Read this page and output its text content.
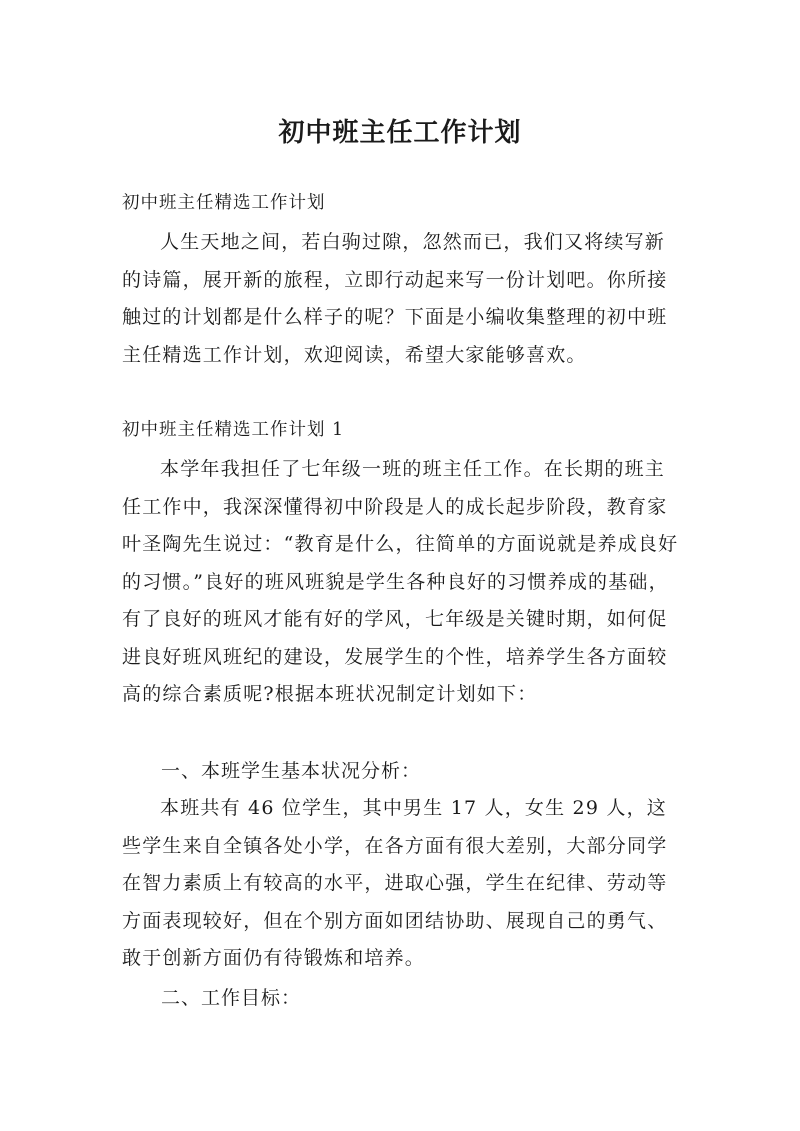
初中班主任工作计划

初中班主任精选工作计划

人生天地之间，若白驹过隙，忽然而已，我们又将续写新的诗篇，展开新的旅程，立即行动起来写一份计划吧。你所接触过的计划都是什么样子的呢？下面是小编收集整理的初中班主任精选工作计划，欢迎阅读，希望大家能够喜欢。

初中班主任精选工作计划 1

本学年我担任了七年级一班的班主任工作。在长期的班主任工作中，我深深懂得初中阶段是人的成长起步阶段，教育家叶圣陶先生说过：“教育是什么，往简单的方面说就是养成良好的习惯。”良好的班风班貌是学生各种良好的习惯养成的基础，有了良好的班风才能有好的学风，七年级是关键时期，如何促进良好班风班纪的建设，发展学生的个性，培养学生各方面较高的综合素质呢?根据本班状况制定计划如下：

一、本班学生基本状况分析：

本班共有 46 位学生，其中男生 17 人，女生 29 人，这些学生来自全镇各处小学，在各方面有很大差别，大部分同学在智力素质上有较高的水平，进取心强，学生在纪律、劳动等方面表现较好，但在个别方面如团结协助、展现自己的勇气、敢于创新方面仍有待锻炼和培养。

二、工作目标：
